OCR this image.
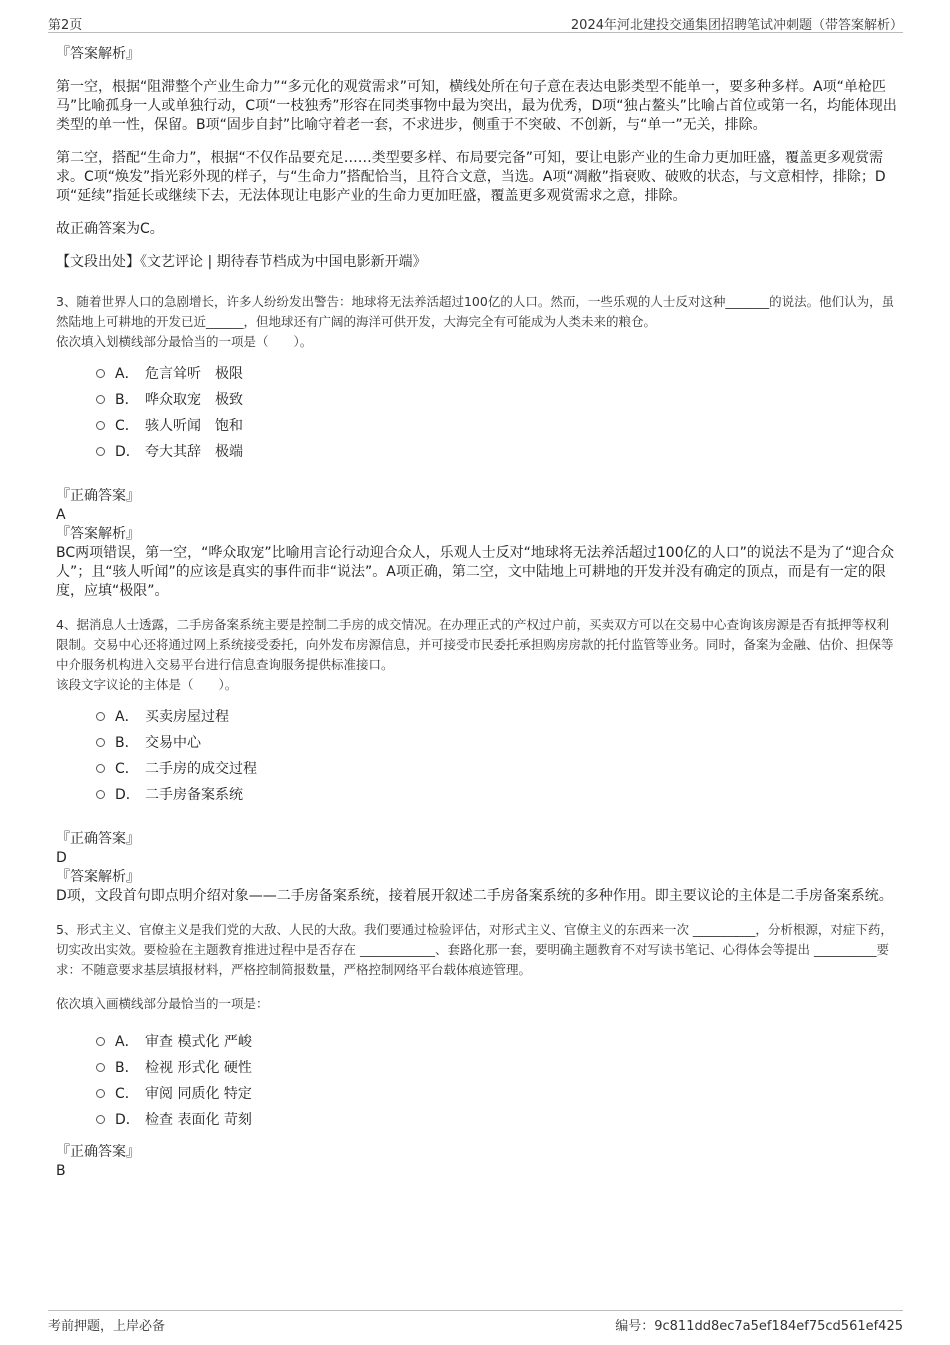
第2页	2024年河北建投交通集团招聘笔试冲刺题（带答案解析）

『答案解析』

第一空，根据“阻滞整个产业生命力”“多元化的观赏需求”可知，横线处所在句子意在表达电影类型不能单一，要多种多样。A项“单枪匹马”比喻孤身一人或单独行动，C项“一枝独秀”形容在同类事物中最为突出，最为优秀，D项“独占鳌头”比喻占首位或第一名，均能体现出类型的单一性，保留。B项“固步自封”比喻守着老一套，不求进步，侧重于不突破、不创新，与“单一”无关，排除。

第二空，搭配“生命力”，根据“不仅作品要充足……类型要多样、布局要完备”可知，要让电影产业的生命力更加旺盛，覆盖更多观赏需求。C项“焕发”指光彩外现的样子，与“生命力”搭配恰当，且符合文意，当选。A项“凋敝”指衰败、破败的状态，与文意相悖，排除；D项“延续”指延长或继续下去，无法体现让电影产业的生命力更加旺盛，覆盖更多观赏需求之意，排除。

故正确答案为C。

【文段出处】《文艺评论 | 期待春节档成为中国电影新开端》

3、随着世界人口的急剧增长，许多人纷纷发出警告：地球将无法养活超过100亿的人口。然而，一些乐观的人士反对这种_______的说法。他们认为，虽然陆地上可耕地的开发已近______，但地球还有广阔的海洋可供开发，大海完全有可能成为人类未来的粮仓。

依次填入划横线部分最恰当的一项是（　　）。

A． 危言耸听　极限
B． 哗众取宠　极致
C． 骇人听闻　饱和
D． 夸大其辞　极端

『正确答案』

A

『答案解析』

BC两项错误，第一空，“哗众取宠”比喻用言论行动迎合众人，乐观人士反对“地球将无法养活超过100亿的人口”的说法不是为了“迎合众人”；且“骇人听闻”的应该是真实的事件而非“说法”。A项正确，第二空，文中陆地上可耕地的开发并没有确定的顶点，而是有一定的限度，应填“极限”。

4、据消息人士透露，二手房备案系统主要是控制二手房的成交情况。在办理正式的产权过户前，买卖双方可以在交易中心查询该房源是否有抵押等权利限制。交易中心还将通过网上系统接受委托，向外发布房源信息，并可接受市民委托承担购房房款的托付监管等业务。同时，备案为金融、估价、担保等中介服务机构进入交易平台进行信息查询服务提供标准接口。

该段文字议论的主体是（　　）。

A． 买卖房屋过程
B． 交易中心
C． 二手房的成交过程
D． 二手房备案系统

『正确答案』

D

『答案解析』

D项，文段首句即点明介绍对象——二手房备案系统，接着展开叙述二手房备案系统的多种作用。即主要议论的主体是二手房备案系统。

5、形式主义、官僚主义是我们党的大敌、人民的大敌。我们要通过检验评估，对形式主义、官僚主义的东西来一次 __________，分析根源，对症下药，切实改出实效。要检验在主题教育推进过程中是否存在 ____________、套路化那一套，要明确主题教育不对写读书笔记、心得体会等提出 __________要求：不随意要求基层填报材料，严格控制简报数量，严格控制网络平台载体痕迹管理。

依次填入画横线部分最恰当的一项是：

A． 审查 模式化 严峻
B． 检视 形式化 硬性
C． 审阅 同质化 特定
D． 检查 表面化 苛刻

『正确答案』

B

考前押题，上岸必备	编号：9c811dd8ec7a5ef184ef75cd561ef425
